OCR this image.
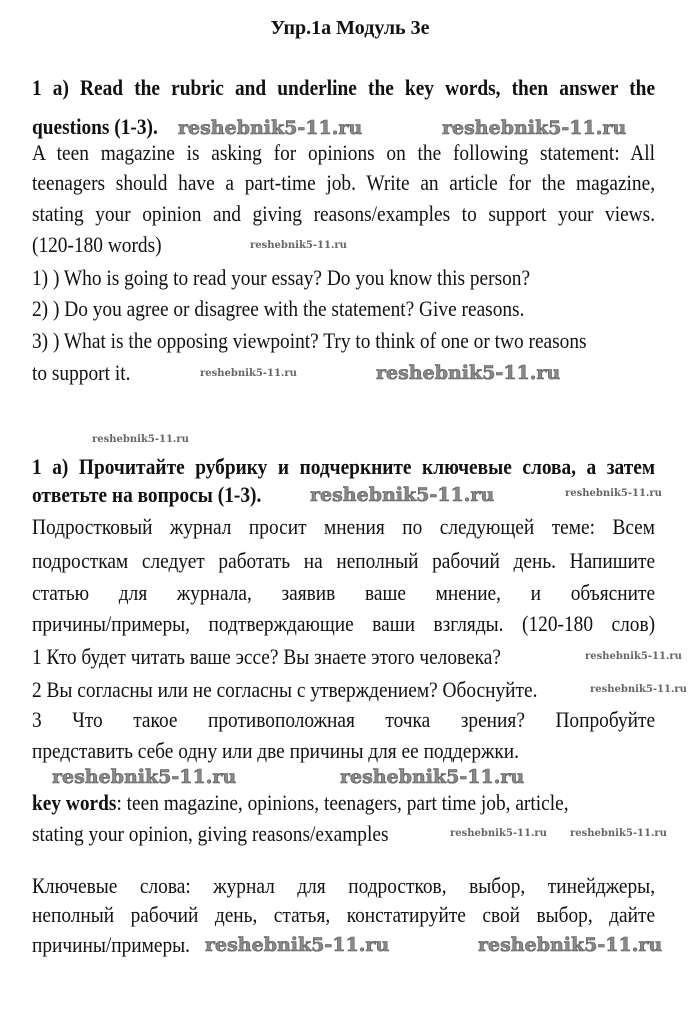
Упр.1а Модуль 3е
1 a) Read the rubric and underline the key words, then answer the
questions (1-3).
A teen magazine is asking for opinions on the following statement: All
teenagers should have a part-time job. Write an article for the magazine,
stating your opinion and giving reasons/examples to support your views.
(120-180 words)
1) ) Who is going to read your essay? Do you know this person?
2) ) Do you agree or disagree with the statement? Give reasons.
3) ) What is the opposing viewpoint? Try to think of one or two reasons
to support it.
1 а) Прочитайте рубрику и подчеркните ключевые слова, а затем
ответьте на вопросы (1-3).
Подростковый журнал просит мнения по следующей теме: Всем
подросткам следует работать на неполный рабочий день. Напишите
статью для журнала, заявив ваше мнение, и объясните
причины/примеры, подтверждающие ваши взгляды. (120-180 слов)
1 Кто будет читать ваше эссе? Вы знаете этого человека?
2 Вы согласны или не согласны с утверждением? Обоснуйте.
3 Что такое противоположная точка зрения? Попробуйте
представить себе одну или две причины для ее поддержки.
key words: teen magazine, opinions, teenagers, part time job, article,
stating your opinion, giving reasons/examples
Ключевые слова: журнал для подростков, выбор, тинейджеры,
неполный рабочий день, статья, констатируйте свой выбор, дайте
причины/примеры.
reshebnik5-11.ru	reshebnik5-11.ru
reshebnik5-11.ru
reshebnik5-11.ru
reshebnik5-11.ru	reshebnik5-11.ru
reshebnik5-11.ru	reshebnik5-11.ru
reshebnik5-11.ru
reshebnik5-11.ru
reshebnik5-11.ru
reshebnik5-11.ru
reshebnik5-11.ru
reshebnik5-11.ru
reshebnik5-11.ru reshebnik5-11.ru
